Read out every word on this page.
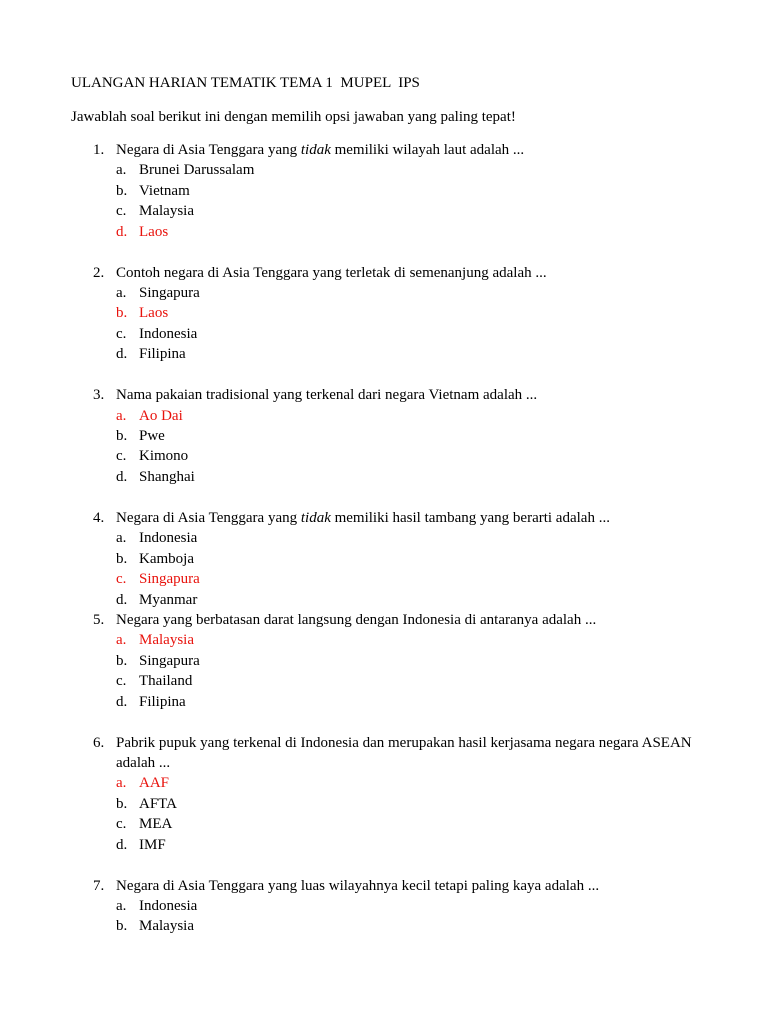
ULANGAN HARIAN TEMATIK TEMA 1  MUPEL  IPS
Jawablah soal berikut ini dengan memilih opsi jawaban yang paling tepat!
1. Negara di Asia Tenggara yang tidak memiliki wilayah laut adalah ...
a. Brunei Darussalam
b. Vietnam
c. Malaysia
d. Laos
2. Contoh negara di Asia Tenggara yang terletak di semenanjung adalah ...
a. Singapura
b. Laos
c. Indonesia
d. Filipina
3. Nama pakaian tradisional yang terkenal dari negara Vietnam adalah ...
a. Ao Dai
b. Pwe
c. Kimono
d. Shanghai
4. Negara di Asia Tenggara yang tidak memiliki hasil tambang yang berarti adalah ...
a. Indonesia
b. Kamboja
c. Singapura
d. Myanmar
5. Negara yang berbatasan darat langsung dengan Indonesia di antaranya adalah ...
a. Malaysia
b. Singapura
c. Thailand
d. Filipina
6. Pabrik pupuk yang terkenal di Indonesia dan merupakan hasil kerjasama negara negara ASEAN adalah ...
a. AAF
b. AFTA
c. MEA
d. IMF
7. Negara di Asia Tenggara yang luas wilayahnya kecil tetapi paling kaya adalah ...
a. Indonesia
b. Malaysia
